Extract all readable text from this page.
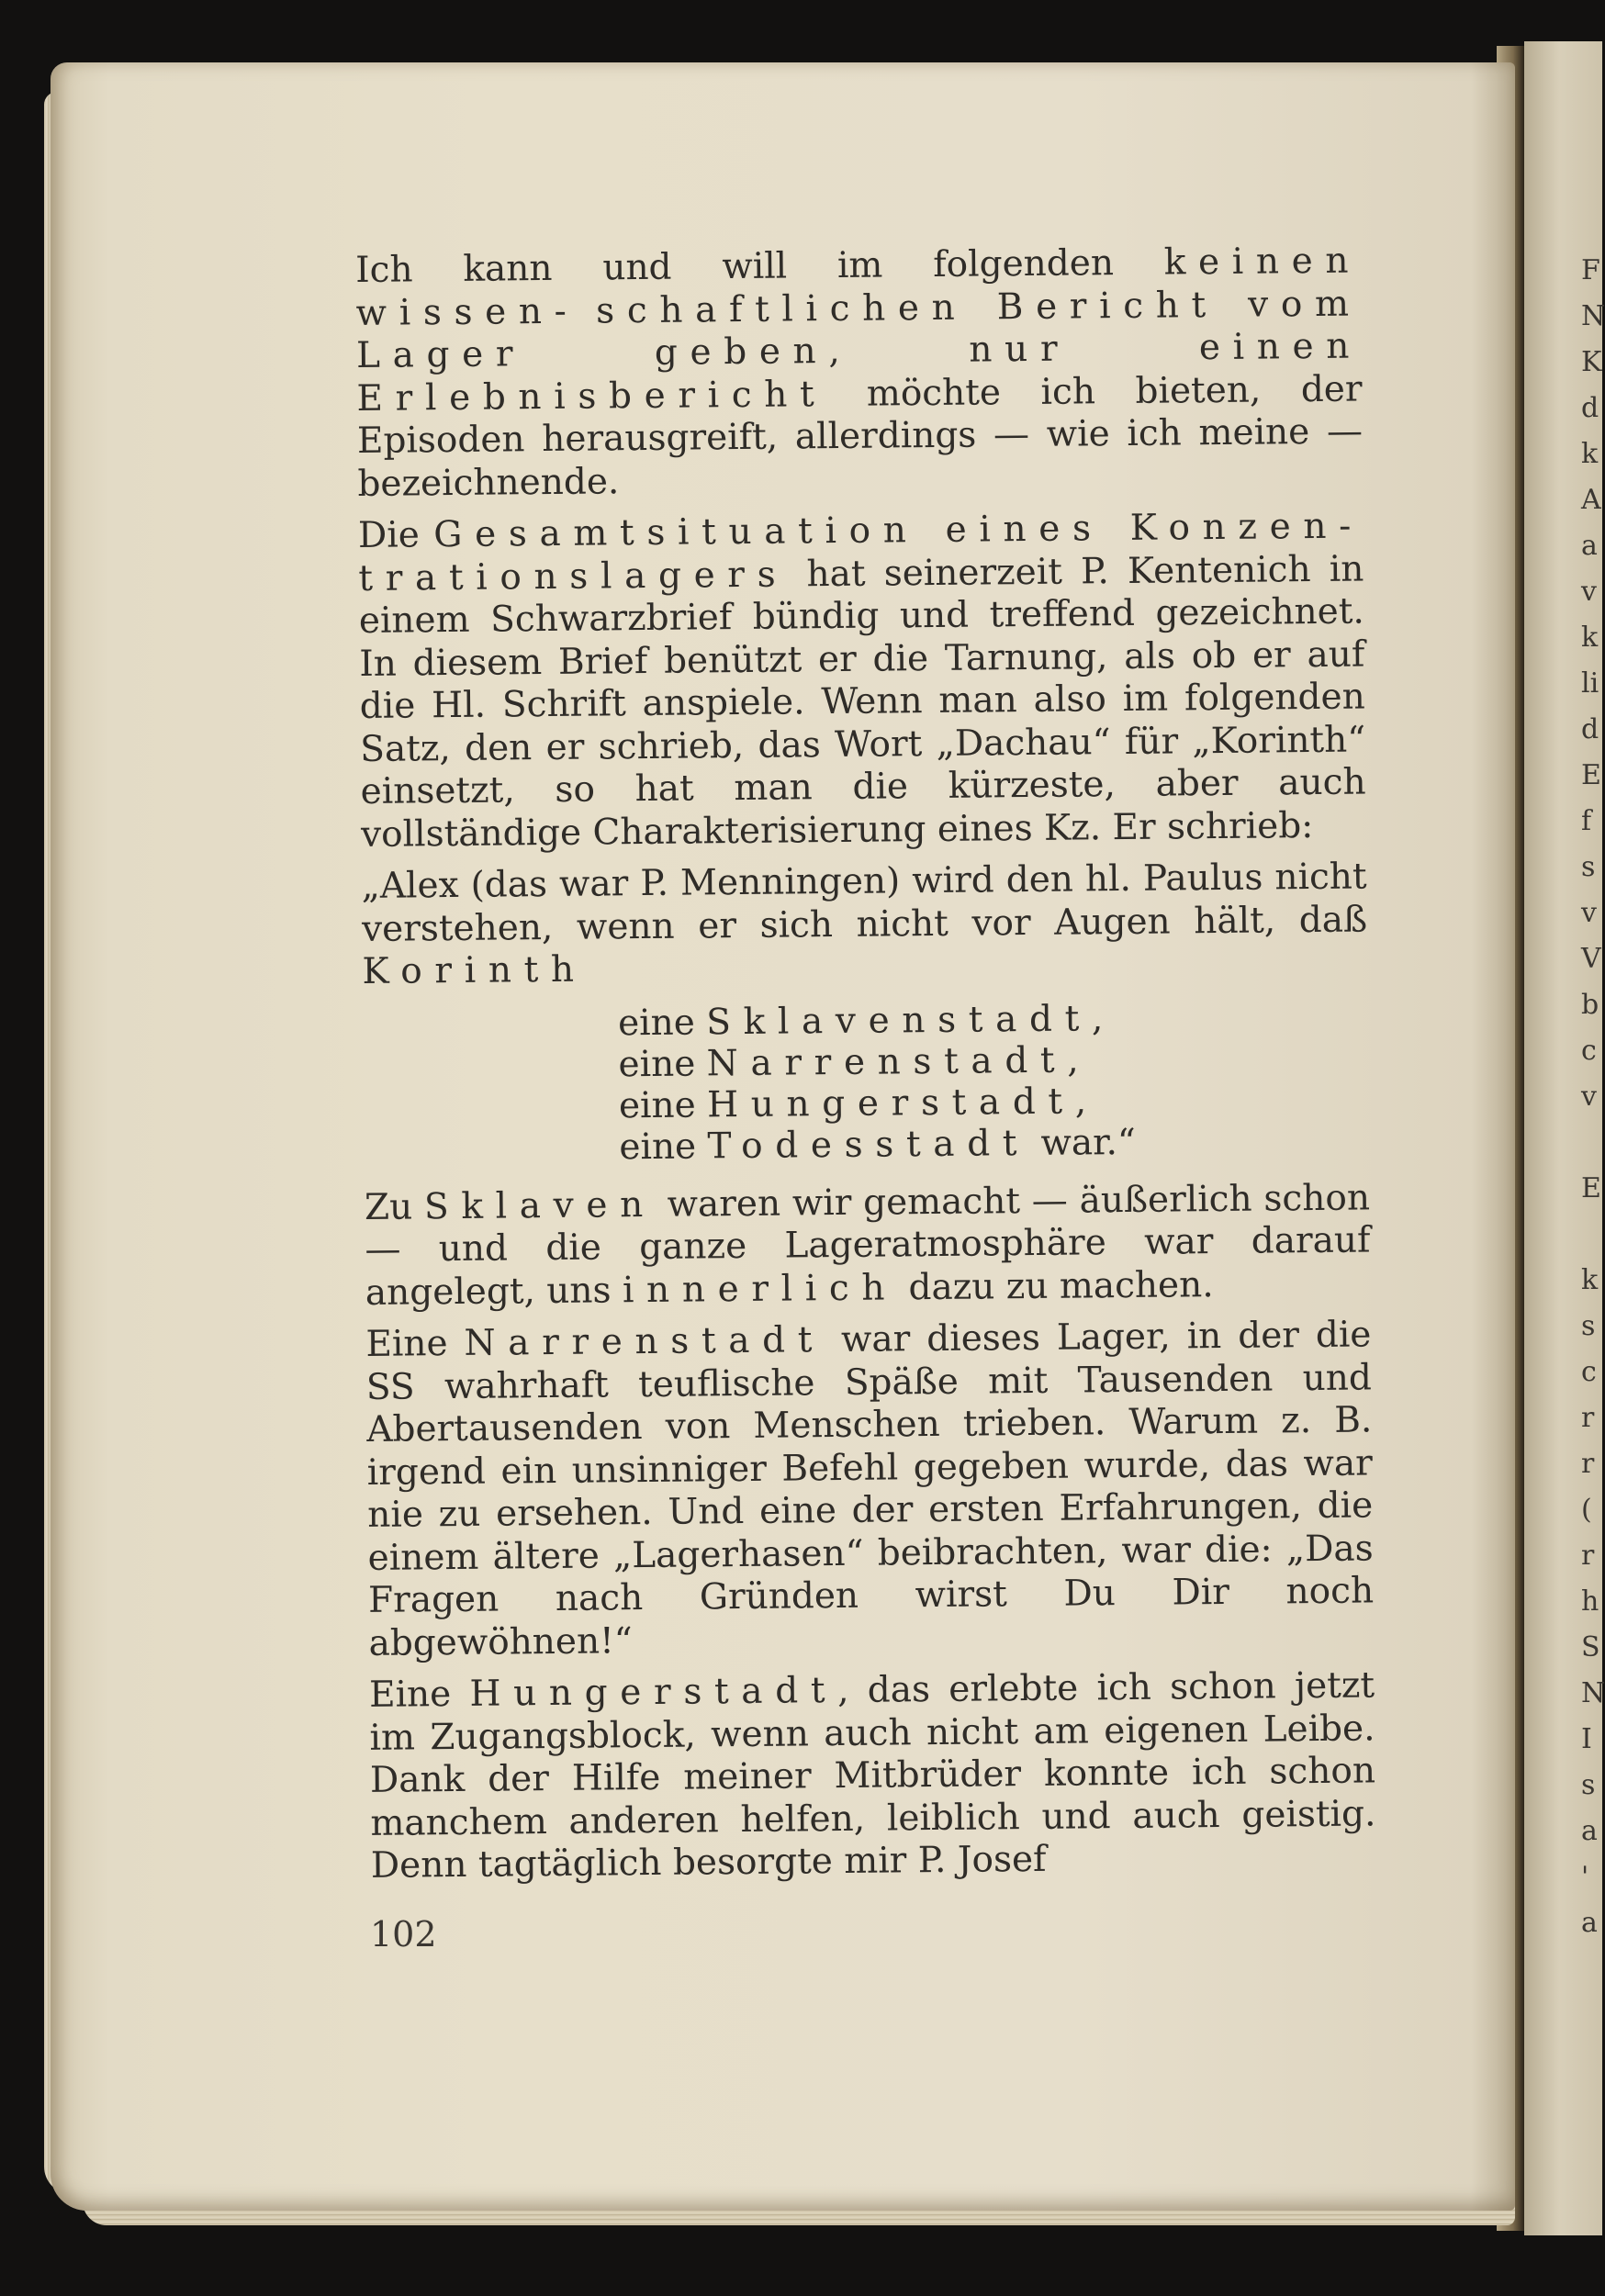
F
N
K
d
k
A
a
v
k
li
d
E
f
s
v
V
b
c
v

E

k
s
c
r
r
(
r
h
S
N
I
s
a
'
a

Ich kann und will im folgenden keinen wissen- schaftlichen Bericht vom Lager geben,	nur einen Erlebnisbericht möchte ich bieten, der Episoden herausgreift, allerdings — wie ich meine — bezeichnende.

Die Gesamtsituation eines Konzen- trationslagers hat seinerzeit P. Kentenich in einem Schwarzbrief bündig und treffend gezeichnet. In diesem Brief benützt er die Tarnung, als ob er auf die Hl. Schrift anspiele. Wenn man also im folgenden Satz, den er schrieb, das Wort „Dachau“ für „Korinth“ einsetzt, so hat man die kürzeste, aber auch vollständige Charakterisierung eines Kz. Er schrieb:

„Alex (das war P. Menningen) wird den hl. Paulus nicht verstehen, wenn er sich nicht vor Augen hält, daß Korinth

eine Sklavenstadt,
eine Narrenstadt,
eine Hungerstadt,
eine Todesstadt war.“

Zu Sklaven waren wir gemacht — äußerlich schon — und die ganze Lageratmosphäre war darauf angelegt, uns innerlich dazu zu machen.

Eine Narrenstadt war dieses Lager, in der die SS wahrhaft teuflische Späße mit Tausenden und Abertausenden von Menschen trieben. Warum z. B. irgend ein unsinniger Befehl gegeben wurde, das war nie zu ersehen. Und eine der ersten Erfahrungen, die einem ältere „Lagerhasen“ beibrachten, war die: „Das Fragen nach Gründen wirst Du Dir noch abgewöhnen!“

Eine Hungerstadt, das erlebte ich schon jetzt im Zugangsblock, wenn auch nicht am eigenen Leibe. Dank der Hilfe meiner Mitbrüder konnte ich schon manchem anderen helfen, leiblich und auch geistig. Denn tagtäglich besorgte mir P. Josef

102
